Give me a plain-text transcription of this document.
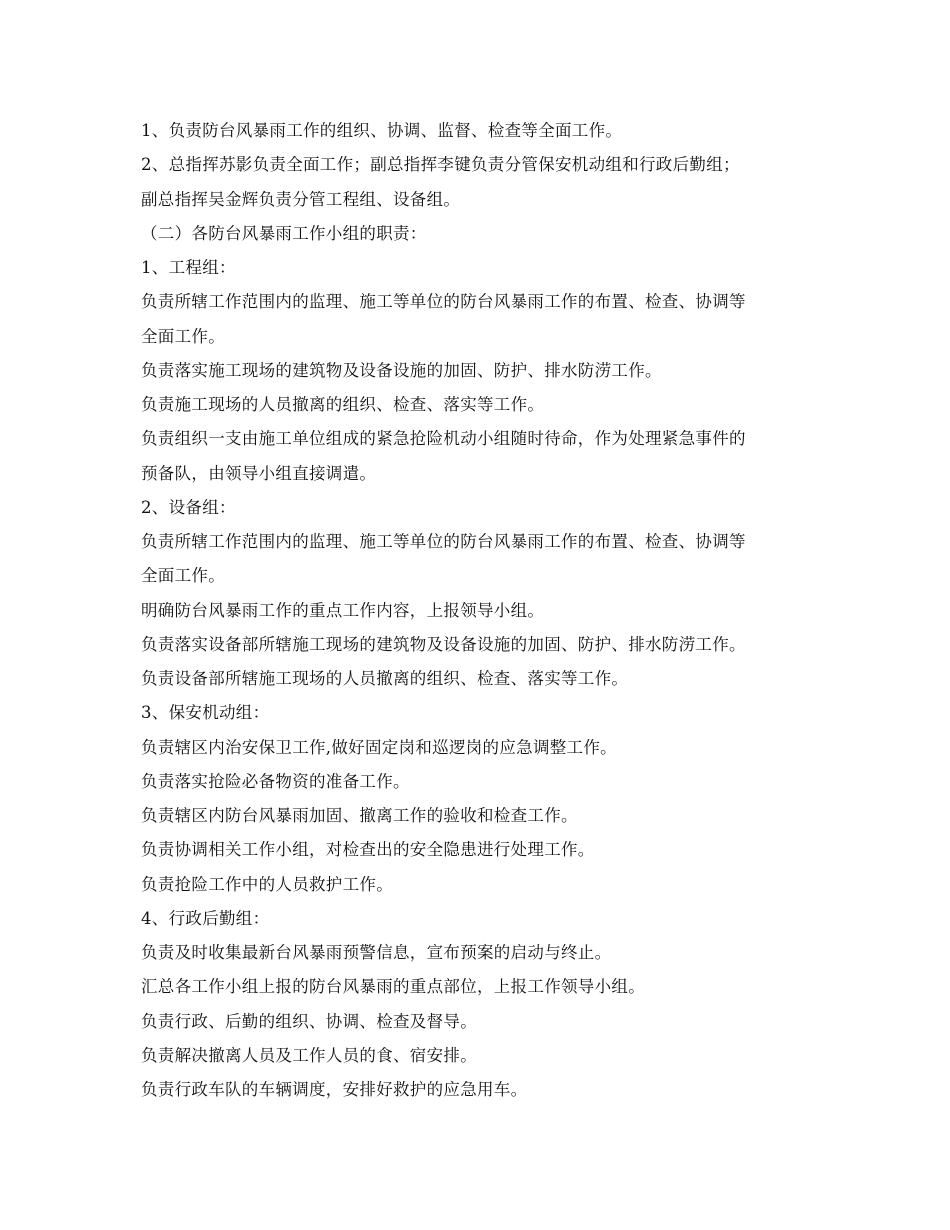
1、负责防台风暴雨工作的组织、协调、监督、检查等全面工作。
2、总指挥苏影负责全面工作；副总指挥李键负责分管保安机动组和行政后勤组；
副总指挥吴金辉负责分管工程组、设备组。
（二）各防台风暴雨工作小组的职责：
1、工程组：
负责所辖工作范围内的监理、施工等单位的防台风暴雨工作的布置、检查、协调等
全面工作。
负责落实施工现场的建筑物及设备设施的加固、防护、排水防涝工作。
负责施工现场的人员撤离的组织、检查、落实等工作。
负责组织一支由施工单位组成的紧急抢险机动小组随时待命，作为处理紧急事件的
预备队，由领导小组直接调遣。
2、设备组：
负责所辖工作范围内的监理、施工等单位的防台风暴雨工作的布置、检查、协调等
全面工作。
明确防台风暴雨工作的重点工作内容，上报领导小组。
负责落实设备部所辖施工现场的建筑物及设备设施的加固、防护、排水防涝工作。
负责设备部所辖施工现场的人员撤离的组织、检查、落实等工作。
3、保安机动组：
负责辖区内治安保卫工作,做好固定岗和巡逻岗的应急调整工作。
负责落实抢险必备物资的准备工作。
负责辖区内防台风暴雨加固、撤离工作的验收和检查工作。
负责协调相关工作小组，对检查出的安全隐患进行处理工作。
负责抢险工作中的人员救护工作。
4、行政后勤组：
负责及时收集最新台风暴雨预警信息，宣布预案的启动与终止。
汇总各工作小组上报的防台风暴雨的重点部位，上报工作领导小组。
负责行政、后勤的组织、协调、检查及督导。
负责解决撤离人员及工作人员的食、宿安排。
负责行政车队的车辆调度，安排好救护的应急用车。
